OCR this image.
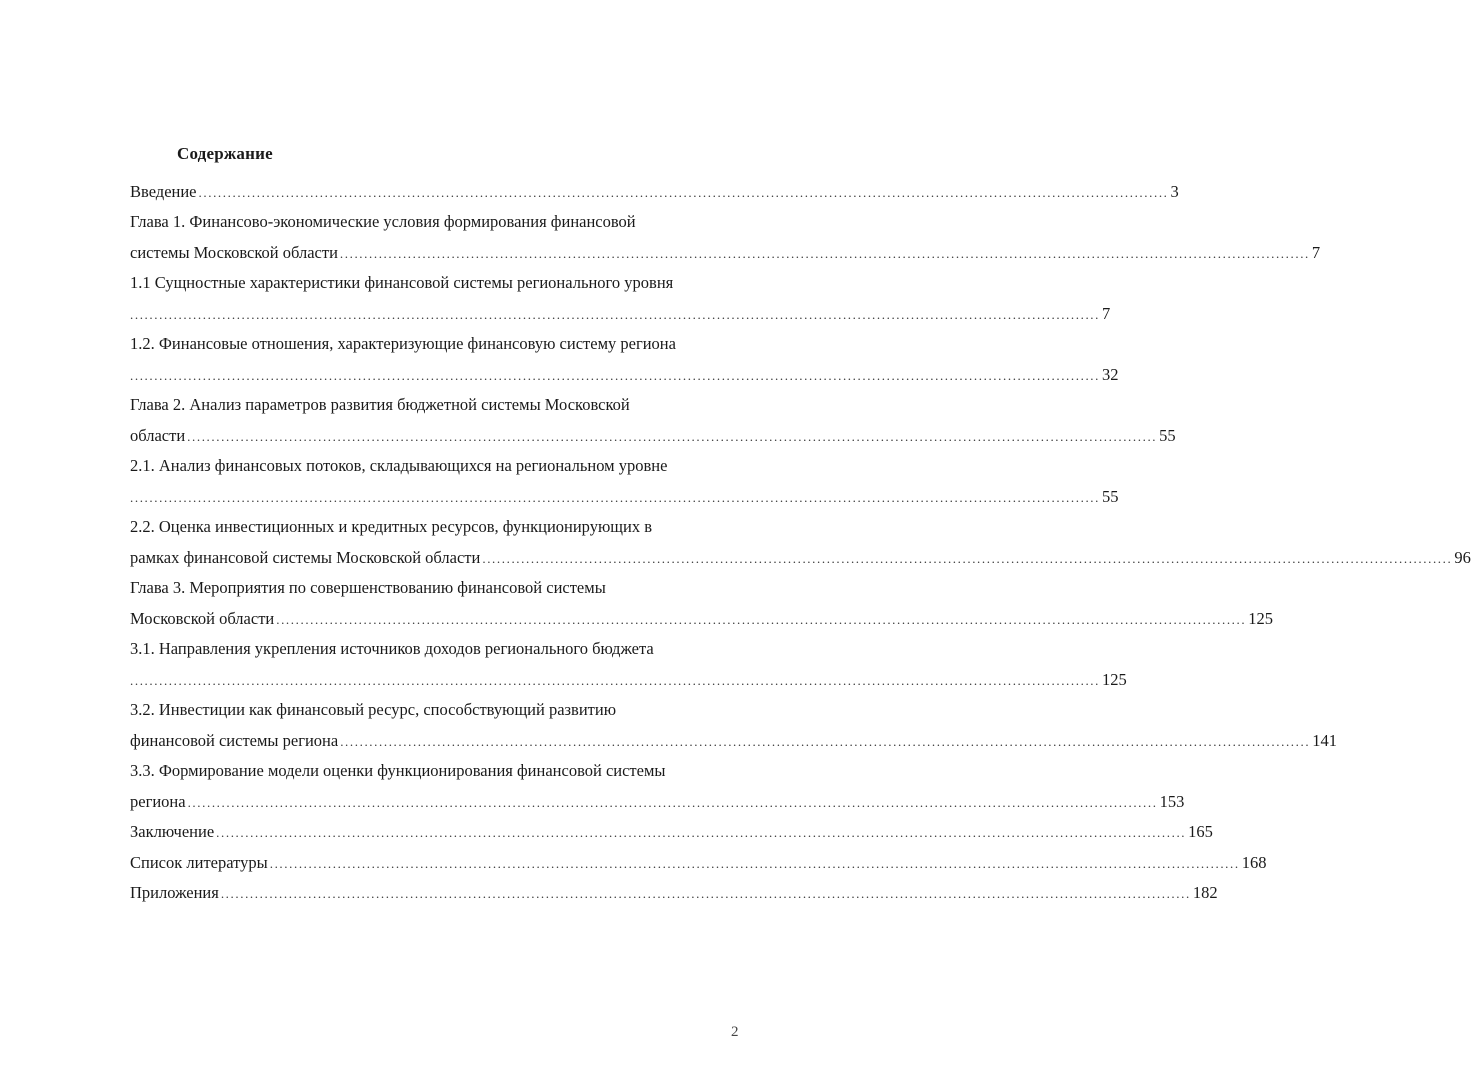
Содержание
Введение ........................................................................................................................................................................................................ 3
Глава 1. Финансово-экономические условия формирования финансовой
системы Московской области ........................................................................................................................................................................................................ 7
1.1 Сущностные характеристики финансовой системы регионального уровня
........................................................................................................................................................................................................ 7
1.2. Финансовые отношения, характеризующие финансовую систему региона
........................................................................................................................................................................................................ 32
Глава 2. Анализ параметров развития бюджетной системы Московской
области ........................................................................................................................................................................................................ 55
2.1. Анализ финансовых потоков, складывающихся на региональном уровне
........................................................................................................................................................................................................ 55
2.2. Оценка инвестиционных и кредитных ресурсов, функционирующих в
рамках финансовой системы Московской области ........................................................................................................................................................................................................ 96
Глава 3. Мероприятия по совершенствованию финансовой системы
Московской области ........................................................................................................................................................................................................ 125
3.1. Направления укрепления источников доходов регионального бюджета
........................................................................................................................................................................................................ 125
3.2. Инвестиции как финансовый ресурс, способствующий развитию
финансовой системы региона ........................................................................................................................................................................................................ 141
3.3. Формирование модели оценки функционирования финансовой системы
региона ........................................................................................................................................................................................................ 153
Заключение ........................................................................................................................................................................................................ 165
Список литературы ........................................................................................................................................................................................................ 168
Приложения ........................................................................................................................................................................................................ 182
2
